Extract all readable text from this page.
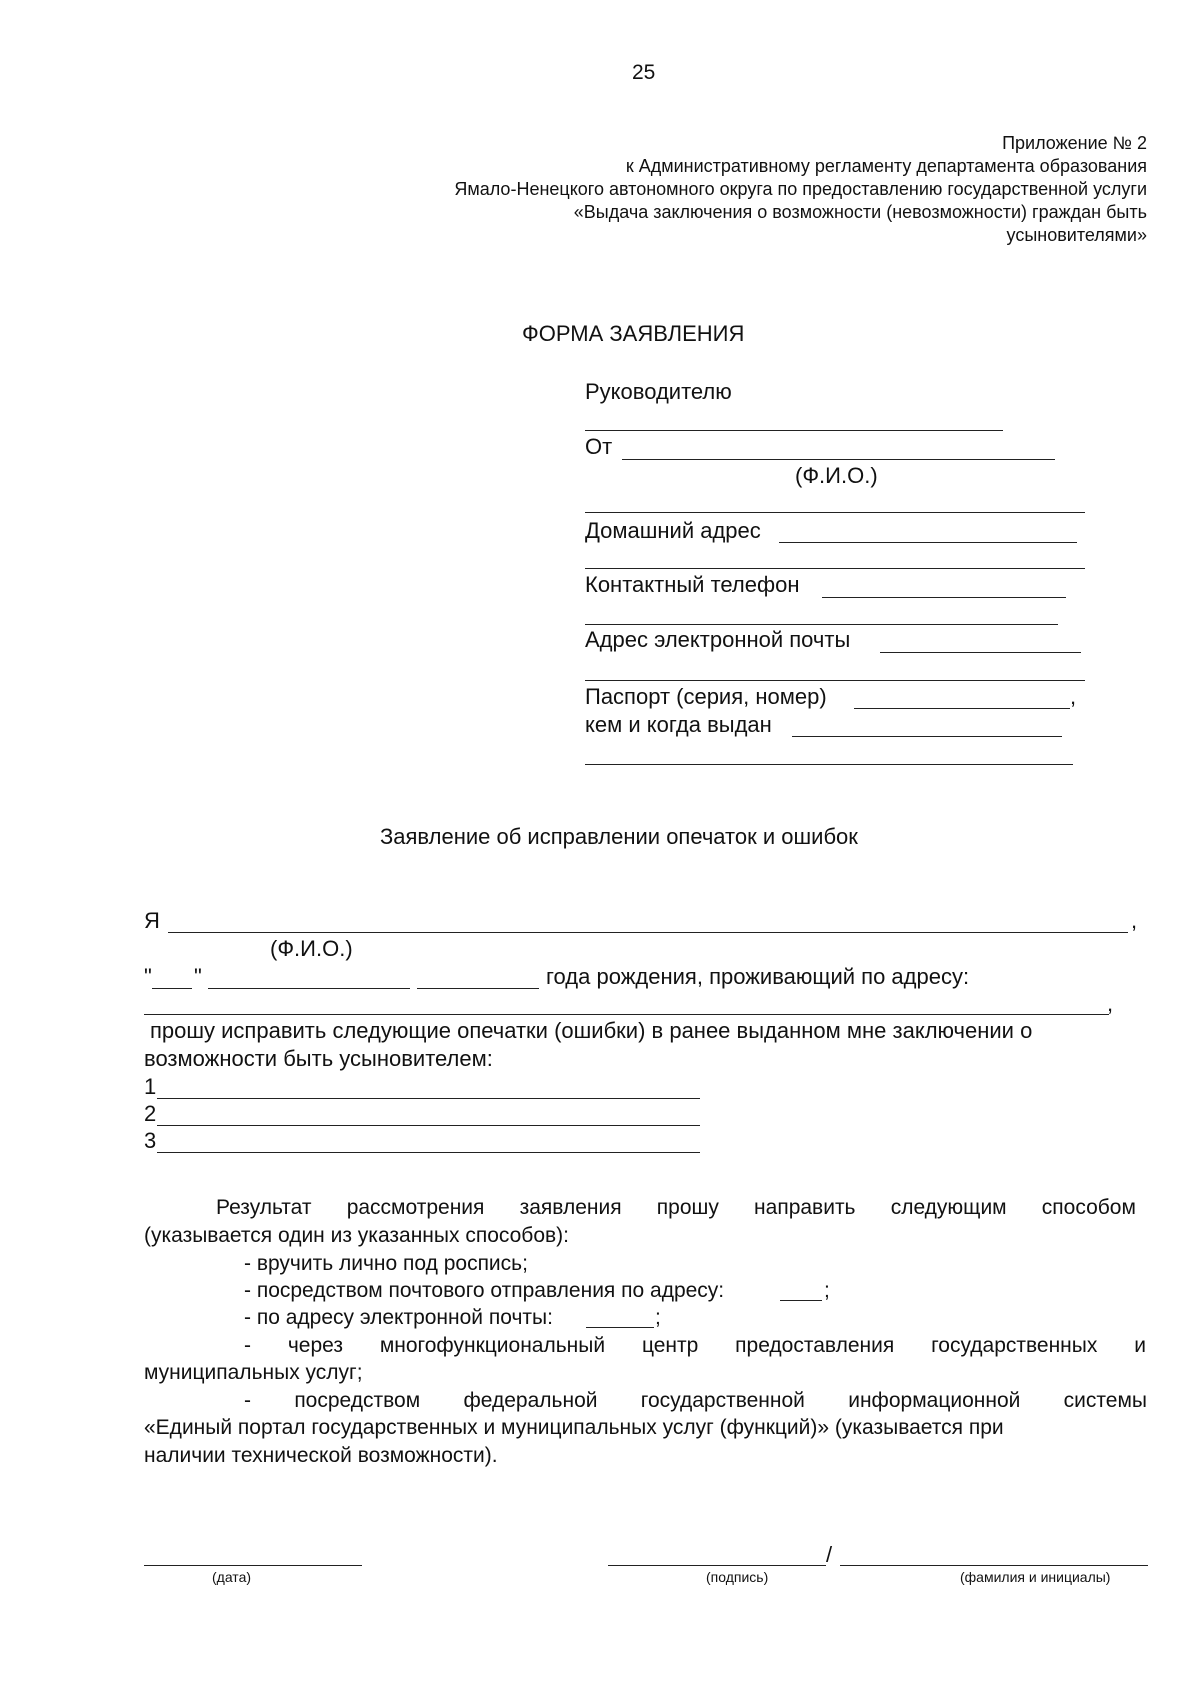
25
Приложение № 2
к Административному регламенту департамента образования
Ямало-Ненецкого автономного округа по предоставлению государственной услуги
«Выдача заключения о возможности (невозможности) граждан быть
усыновителями»
ФОРМА ЗАЯВЛЕНИЯ
Руководителю
От
(Ф.И.О.)
Домашний адрес
Контактный телефон
Адрес электронной почты
Паспорт (серия, номер)	,
кем и когда выдан
Заявление об исправлении опечаток и ошибок
Я	,
(Ф.И.О.)
" "	года рождения, проживающий по адресу:
,
прошу исправить следующие опечатки (ошибки) в ранее выданном мне заключении о
возможности быть усыновителем:
1
2
3
Результат рассмотрения заявления прошу направить следующим способом
(указывается один из указанных способов):
- вручить лично под роспись;
- посредством почтового отправления по адресу:	;
- по адресу электронной почты:	;
- через многофункциональный центр предоставления государственных и
муниципальных услуг;
- посредством федеральной государственной информационной системы
«Единый портал государственных и муниципальных услуг (функций)» (указывается при
наличии технической возможности).
(дата)
/
(подпись)	(фамилия и инициалы)
